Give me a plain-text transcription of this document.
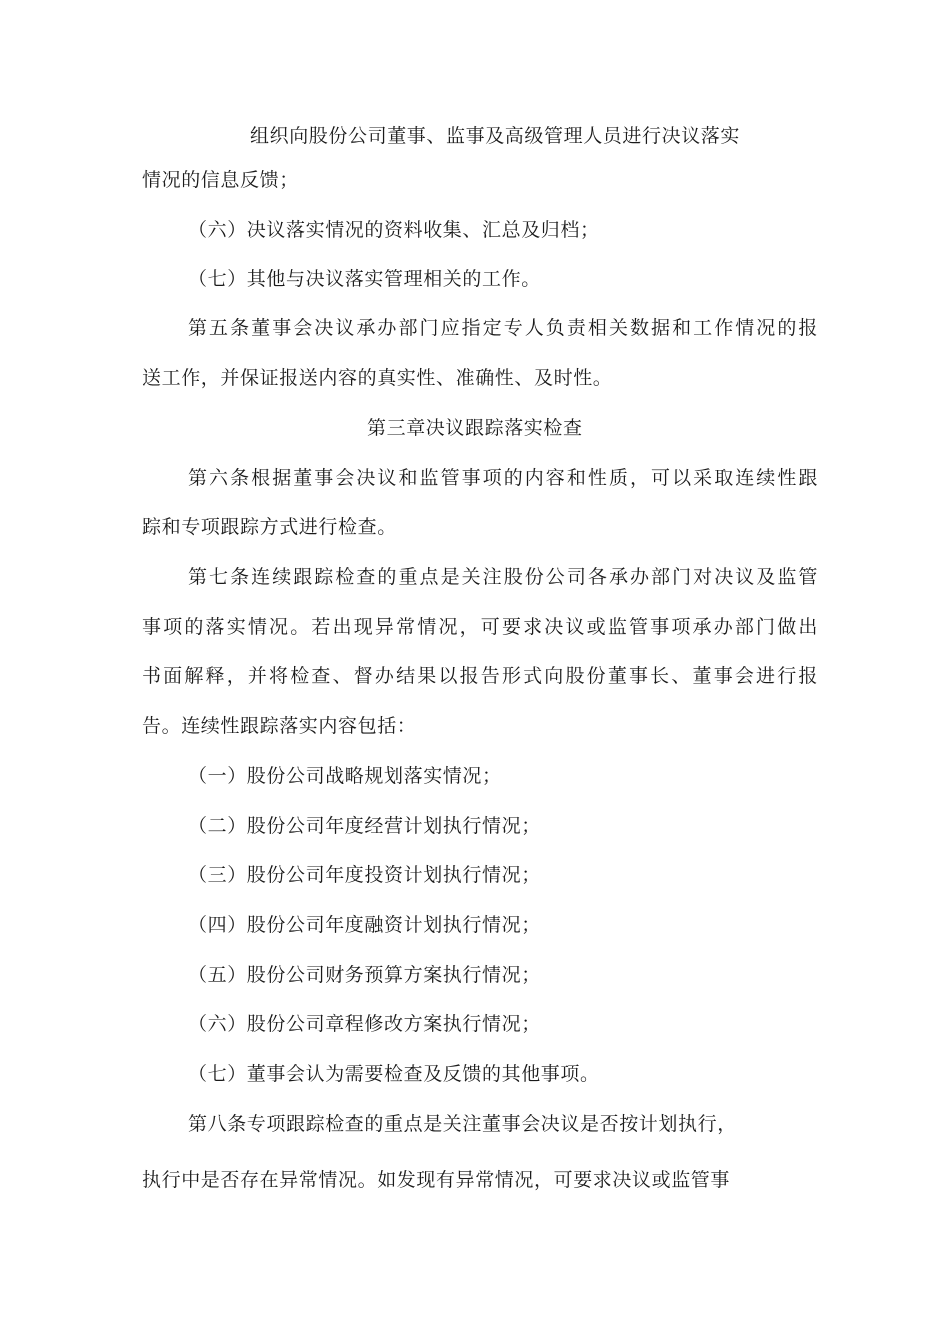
组织向股份公司董事、监事及高级管理人员进行决议落实
情况的信息反馈；
（六）决议落实情况的资料收集、汇总及归档；
（七）其他与决议落实管理相关的工作。
第五条董事会决议承办部门应指定专人负责相关数据和工作情况的报
送工作，并保证报送内容的真实性、准确性、及时性。
第三章决议跟踪落实检查
第六条根据董事会决议和监管事项的内容和性质，可以采取连续性跟
踪和专项跟踪方式进行检查。
第七条连续跟踪检查的重点是关注股份公司各承办部门对决议及监管
事项的落实情况。若出现异常情况，可要求决议或监管事项承办部门做出
书面解释，并将检查、督办结果以报告形式向股份董事长、董事会进行报
告。连续性跟踪落实内容包括：
（一）股份公司战略规划落实情况；
（二）股份公司年度经营计划执行情况；
（三）股份公司年度投资计划执行情况；
（四）股份公司年度融资计划执行情况；
（五）股份公司财务预算方案执行情况；
（六）股份公司章程修改方案执行情况；
（七）董事会认为需要检查及反馈的其他事项。
第八条专项跟踪检查的重点是关注董事会决议是否按计划执行，
执行中是否存在异常情况。如发现有异常情况，可要求决议或监管事
